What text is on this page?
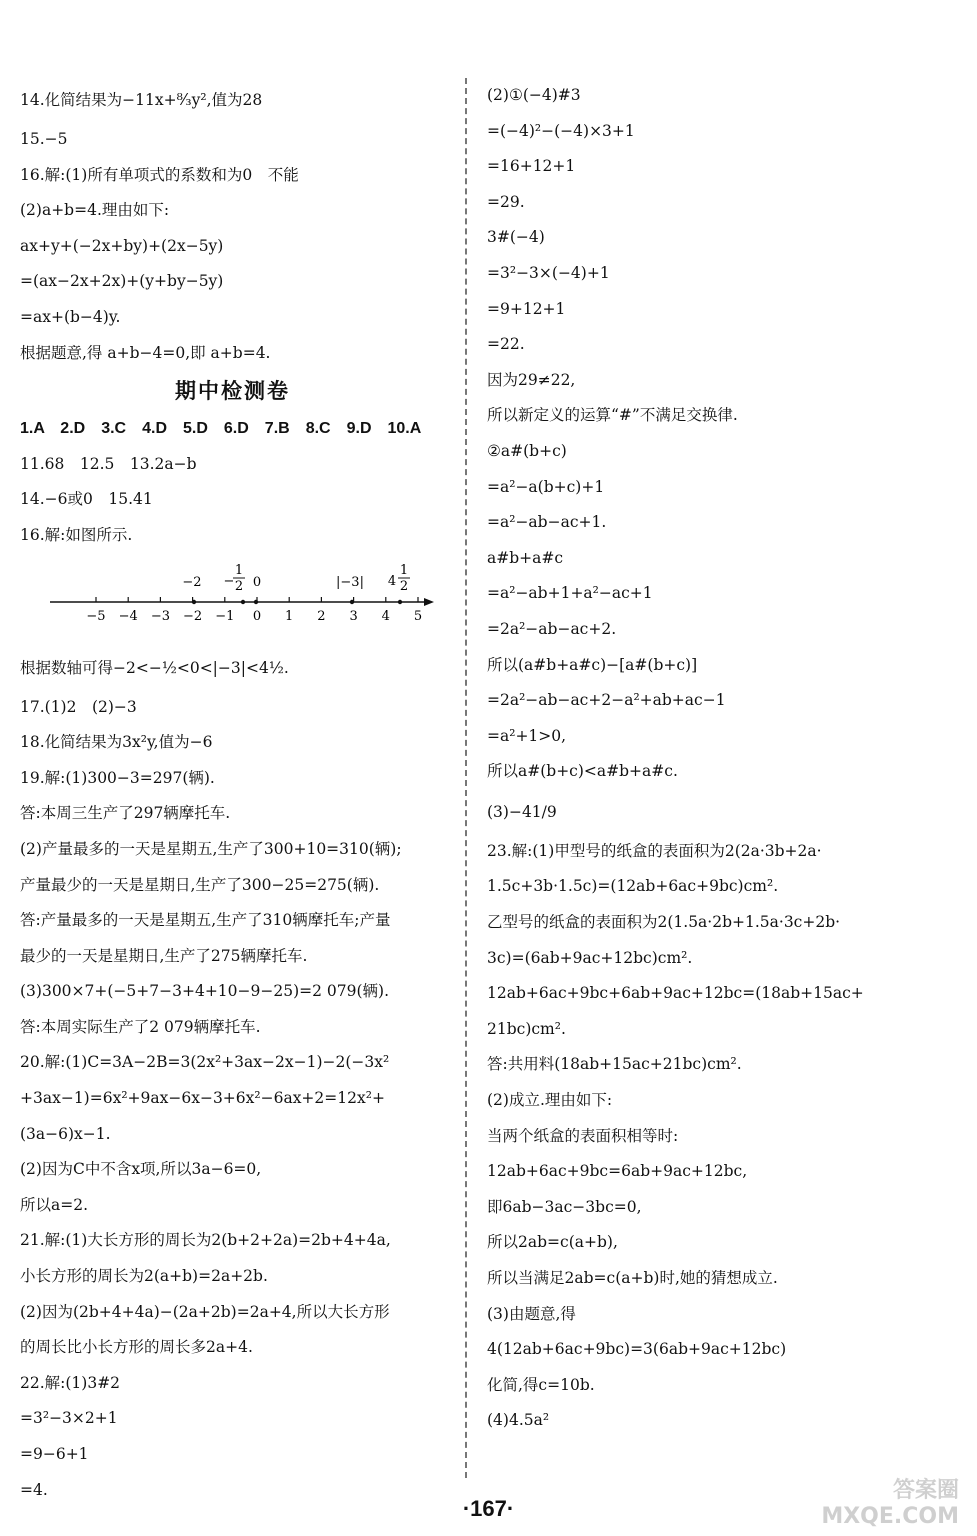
14.化简结果为−11x+⁸⁄₃y²,值为28
15.−5
16.解:(1)所有单项式的系数和为0　不能
(2)a+b=4.理由如下:
ax+y+(−2x+by)+(2x−5y)
=(ax−2x+2x)+(y+by−5y)
=ax+(b−4)y.
根据题意,得 a+b−4=0,即 a+b=4.
期中检测卷
1.A　2.D　3.C　4.D　5.D　6.D　7.B　8.C　9.D　10.A
11.68　12.5　13.2a−b
14.−6或0　15.41
16.解:如图所示.
−5 −4 −3 −2 −1 0 1 2 3 4 5
−2 −
1
2 0	|−3| 4
1
2
根据数轴可得−2<−½<0<|−3|<4½.
17.(1)2　(2)−3
18.化简结果为3x²y,值为−6
19.解:(1)300−3=297(辆).
答:本周三生产了297辆摩托车.
(2)产量最多的一天是星期五,生产了300+10=310(辆);
产量最少的一天是星期日,生产了300−25=275(辆).
答:产量最多的一天是星期五,生产了310辆摩托车;产量
最少的一天是星期日,生产了275辆摩托车.
(3)300×7+(−5+7−3+4+10−9−25)=2 079(辆).
答:本周实际生产了2 079辆摩托车.
20.解:(1)C=3A−2B=3(2x²+3ax−2x−1)−2(−3x²
+3ax−1)=6x²+9ax−6x−3+6x²−6ax+2=12x²+
(3a−6)x−1.
(2)因为C中不含x项,所以3a−6=0,
所以a=2.
21.解:(1)大长方形的周长为2(b+2+2a)=2b+4+4a,
小长方形的周长为2(a+b)=2a+2b.
(2)因为(2b+4+4a)−(2a+2b)=2a+4,所以大长方形
的周长比小长方形的周长多2a+4.
22.解:(1)3#2
=3²−3×2+1
=9−6+1
=4.
(2)①(−4)#3
=(−4)²−(−4)×3+1
=16+12+1
=29.
3#(−4)
=3²−3×(−4)+1
=9+12+1
=22.
因为29≠22,
所以新定义的运算“#”不满足交换律.
②a#(b+c)
=a²−a(b+c)+1
=a²−ab−ac+1.
a#b+a#c
=a²−ab+1+a²−ac+1
=2a²−ab−ac+2.
所以(a#b+a#c)−[a#(b+c)]
=2a²−ab−ac+2−a²+ab+ac−1
=a²+1>0,
所以a#(b+c)<a#b+a#c.
(3)−41/9
23.解:(1)甲型号的纸盒的表面积为2(2a·3b+2a·
1.5c+3b·1.5c)=(12ab+6ac+9bc)cm².
乙型号的纸盒的表面积为2(1.5a·2b+1.5a·3c+2b·
3c)=(6ab+9ac+12bc)cm².
12ab+6ac+9bc+6ab+9ac+12bc=(18ab+15ac+
21bc)cm².
答:共用料(18ab+15ac+21bc)cm².
(2)成立.理由如下:
当两个纸盒的表面积相等时:
12ab+6ac+9bc=6ab+9ac+12bc,
即6ab−3ac−3bc=0,
所以2ab=c(a+b),
所以当满足2ab=c(a+b)时,她的猜想成立.
(3)由题意,得
4(12ab+6ac+9bc)=3(6ab+9ac+12bc)
化简,得c=10b.
(4)4.5a²
·167·
答案圈
MXQE.COM
